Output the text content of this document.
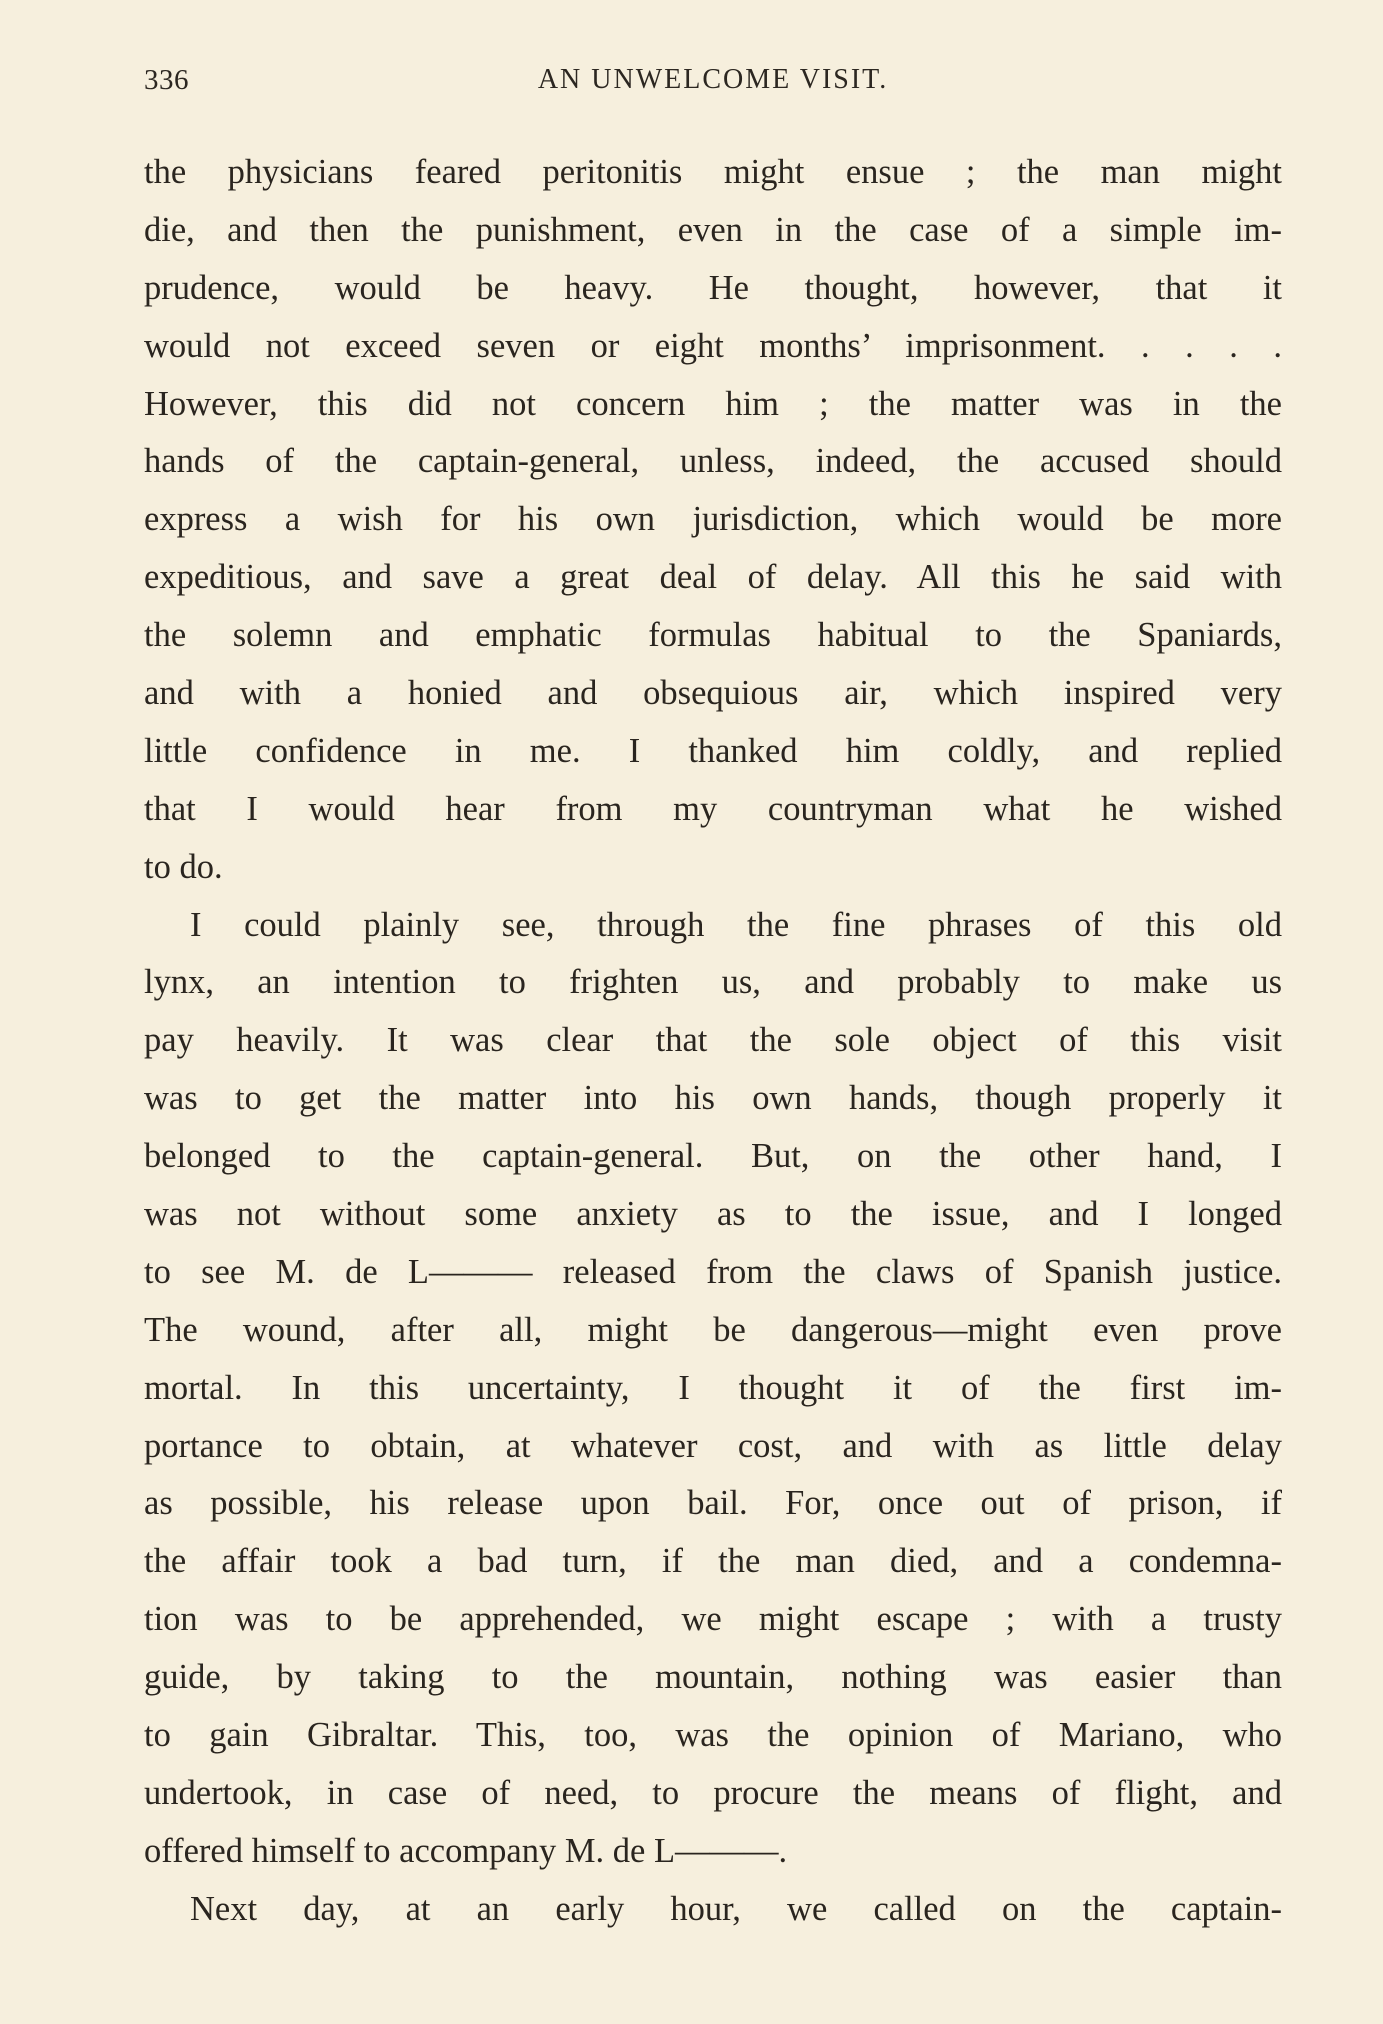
336	AN UNWELCOME VISIT.
the physicians feared peritonitis might ensue ; the man might
die, and then the punishment, even in the case of a simple im-
prudence, would be heavy. He thought, however, that it
would not exceed seven or eight months’ imprisonment. . . . .
However, this did not concern him ; the matter was in the
hands of the captain-general, unless, indeed, the accused should
express a wish for his own jurisdiction, which would be more
expeditious, and save a great deal of delay. All this he said with
the solemn and emphatic formulas habitual to the Spaniards,
and with a honied and obsequious air, which inspired very
little confidence in me. I thanked him coldly, and replied
that I would hear from my countryman what he wished
to do.
I could plainly see, through the fine phrases of this old
lynx, an intention to frighten us, and probably to make us
pay heavily. It was clear that the sole object of this visit
was to get the matter into his own hands, though properly it
belonged to the captain-general. But, on the other hand, I
was not without some anxiety as to the issue, and I longed
to see M. de L——— released from the claws of Spanish justice.
The wound, after all, might be dangerous—might even prove
mortal. In this uncertainty, I thought it of the first im-
portance to obtain, at whatever cost, and with as little delay
as possible, his release upon bail. For, once out of prison, if
the affair took a bad turn, if the man died, and a condemna-
tion was to be apprehended, we might escape ; with a trusty
guide, by taking to the mountain, nothing was easier than
to gain Gibraltar. This, too, was the opinion of Mariano, who
undertook, in case of need, to procure the means of flight, and
offered himself to accompany M. de L———.
Next day, at an early hour, we called on the captain-
